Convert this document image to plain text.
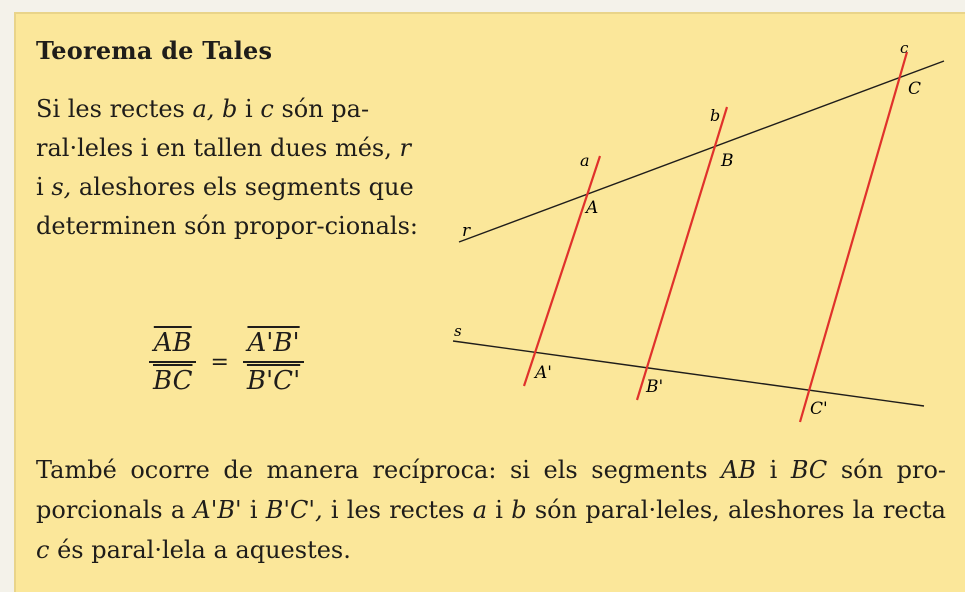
Teorema de Tales
Si les rectes a, b i c són pa-ral·leles i en tallen dues més, r i s, aleshores els segments que determinen són propor-cionals:
$\frac{\overline{AB}}{BC} = \frac{A'B'}{B'C'}$
r
s
a
b
c
A
B
C
A'
B'
C'
També ocorre de manera recíproca: si els segments AB i BC són pro-porcionals a A'B' i B'C', i les rectes a i b són paral·leles, aleshores la recta c és paral·lela a aquestes.
